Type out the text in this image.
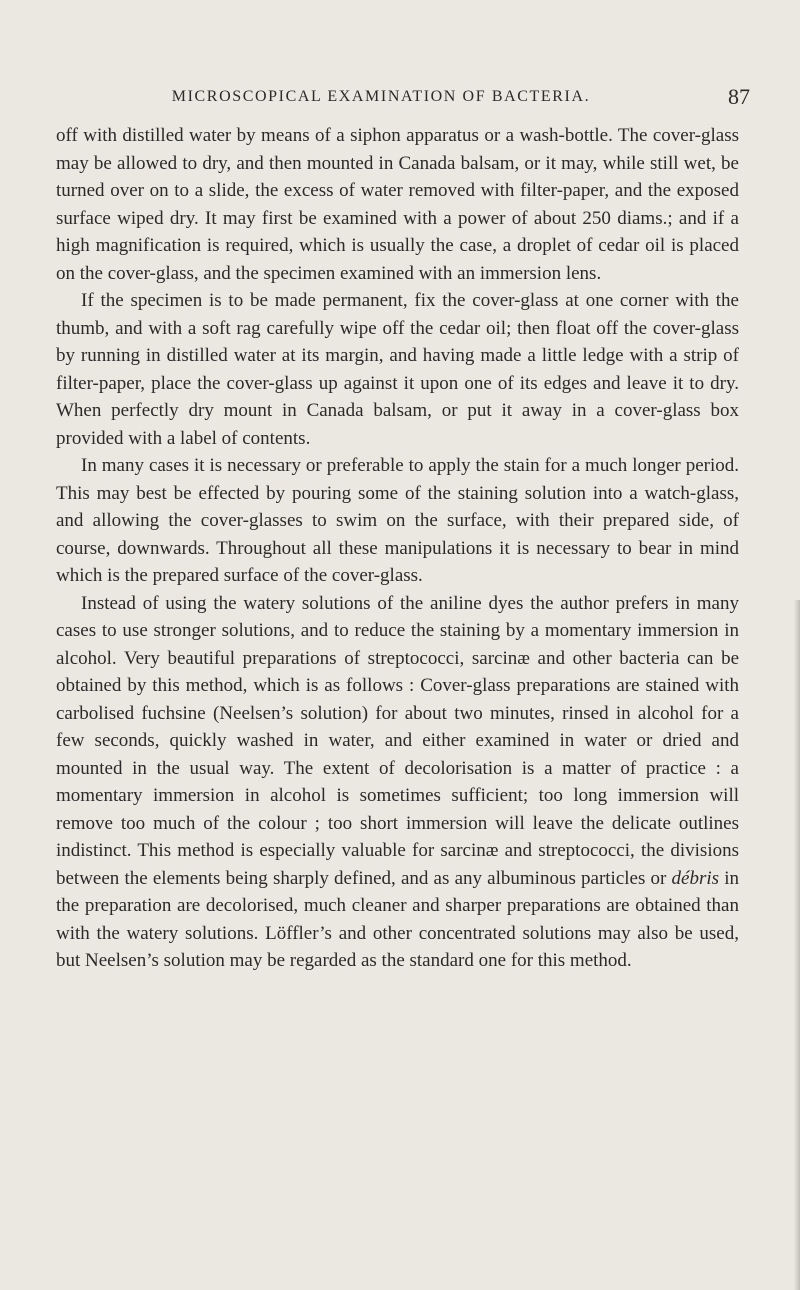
MICROSCOPICAL EXAMINATION OF BACTERIA.	87

off with distilled water by means of a siphon apparatus or a wash-bottle. The cover-glass may be allowed to dry, and then mounted in Canada balsam, or it may, while still wet, be turned over on to a slide, the excess of water removed with filter-paper, and the exposed surface wiped dry. It may first be examined with a power of about 250 diams.; and if a high magnification is required, which is usually the case, a droplet of cedar oil is placed on the cover-glass, and the specimen examined with an immersion lens.

If the specimen is to be made permanent, fix the cover-glass at one corner with the thumb, and with a soft rag carefully wipe off the cedar oil; then float off the cover-glass by running in distilled water at its margin, and having made a little ledge with a strip of filter-paper, place the cover-glass up against it upon one of its edges and leave it to dry. When perfectly dry mount in Canada balsam, or put it away in a cover-glass box provided with a label of contents.

In many cases it is necessary or preferable to apply the stain for a much longer period. This may best be effected by pouring some of the staining solution into a watch-glass, and allowing the cover-glasses to swim on the surface, with their prepared side, of course, downwards. Throughout all these manipulations it is necessary to bear in mind which is the prepared surface of the cover-glass.

Instead of using the watery solutions of the aniline dyes the author prefers in many cases to use stronger solutions, and to reduce the staining by a momentary immersion in alcohol. Very beautiful preparations of streptococci, sarcinæ and other bacteria can be obtained by this method, which is as follows : Cover-glass preparations are stained with carbolised fuchsine (Neelsen’s solution) for about two minutes, rinsed in alcohol for a few seconds, quickly washed in water, and either examined in water or dried and mounted in the usual way. The extent of decolorisation is a matter of practice : a momentary immersion in alcohol is sometimes sufficient; too long immersion will remove too much of the colour ; too short immersion will leave the delicate outlines indistinct. This method is especially valuable for sarcinæ and streptococci, the divisions between the elements being sharply defined, and as any albuminous particles or débris in the preparation are decolorised, much cleaner and sharper preparations are obtained than with the watery solutions. Löffler’s and other concentrated solutions may also be used, but Neelsen’s solution may be regarded as the standard one for this method.
